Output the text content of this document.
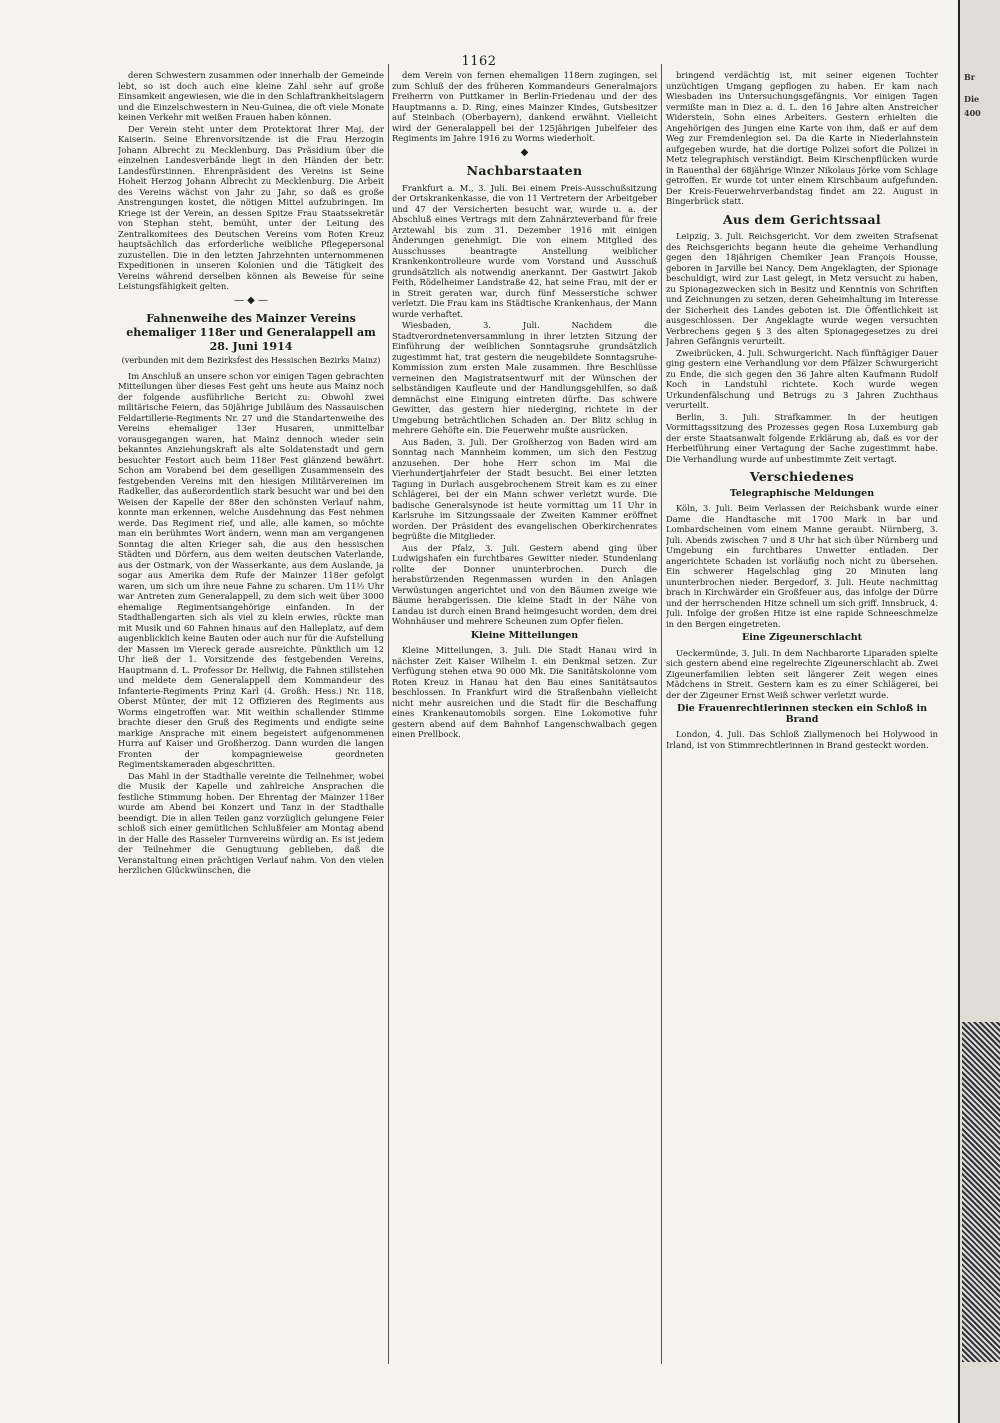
1162

deren Schwestern zusammen oder innerhalb der Gemeinde lebt, so ist doch auch eine kleine Zahl sehr auf große Einsamkeit angewiesen, wie die in den Schlaftrankheitslagern und die Einzelschwestern in Neu-Guinea, die oft viele Monate keinen Verkehr mit weißen Frauen haben können.

Der Verein steht unter dem Protektorat Ihrer Maj. der Kaiserin. Seine Ehrenvorsitzende ist die Frau Herzogin Johann Albrecht zu Mecklenburg. Das Präsidium über die einzelnen Landesverbände liegt in den Händen der betr. Landesfürstinnen. Ehrenpräsident des Vereins ist Seine Hoheit Herzog Johann Albrecht zu Mecklenburg. Die Arbeit des Vereins wächst von Jahr zu Jahr, so daß es große Anstrengungen kostet, die nötigen Mittel aufzubringen. Im Kriege ist der Verein, an dessen Spitze Frau Staatssekretär von Stephan steht, bemüht, unter der Leitung des Zentralkomitees des Deutschen Vereins vom Roten Kreuz hauptsächlich das erforderliche weibliche Pflegepersonal zuzustellen. Die in den letzten Jahrzehnten unternommenen Expeditionen in unseren Kolonien und die Tätigkeit des Vereins während derselben können als Beweise für seine Leistungsfähigkeit gelten.

— ◆ —
Fahnenweihe des Mainzer Vereins ehemaliger 118er und Generalappell am 28. Juni 1914
(verbunden mit dem Bezirksfest des Hessischen Bezirks Mainz)

Im Anschluß an unsere schon vor einigen Tagen gebrachten Mitteilungen über dieses Fest geht uns heute aus Mainz noch der folgende ausführliche Bericht zu: Obwohl zwei militärische Feiern, das 50jährige Jubiläum des Nassauischen Feldartillerie-Regiments Nr. 27 und die Standartenweihe des Vereins ehemaliger 13er Husaren, unmittelbar vorausgegangen waren, hat Mainz dennoch wieder sein bekanntes Anziehungskraft als alte Soldatenstadt und gern besuchter Festort auch beim 118er Fest glänzend bewährt. Schon am Vorabend bei dem geselligen Zusammensein des festgebenden Vereins mit den hiesigen Militärvereinen im Radkeller, das außerordentlich stark besucht war und bei den Weisen der Kapelle der 88er den schönsten Verlauf nahm, konnte man erkennen, welche Ausdehnung das Fest nehmen werde. Das Regiment rief, und alle, alle kamen, so möchte man ein berühmtes Wort ändern, wenn man am vergangenen Sonntag die alten Krieger sah, die aus den hessischen Städten und Dörfern, aus dem weiten deutschen Vaterlande, aus der Ostmark, von der Wasserkante, aus dem Auslande, ja sogar aus Amerika dem Rufe der Mainzer 118er gefolgt waren, um sich um ihre neue Fahne zu scharen. Um 11½ Uhr war Antreten zum Generalappell, zu dem sich weit über 3000 ehemalige Regimentsangehörige einfanden. In der Stadthallengarten sich als viel zu klein erwies, rückte man mit Musik und 60 Fahnen hinaus auf den Halleplatz, auf dem augenblicklich keine Bauten oder auch nur für die Aufstellung der Massen im Viereck gerade ausreichte. Pünktlich um 12 Uhr ließ der 1. Vorsitzende des festgebenden Vereins, Hauptmann d. L. Professor Dr. Hellwig, die Fahnen stillstehen und meldete dem Generalappell dem Kommandeur des Infanterie-Regiments Prinz Karl (4. Großh. Hess.) Nr. 118, Oberst Münter, der mit 12 Offizieren des Regiments aus Worms eingetroffen war. Mit weithin schallender Stimme brachte dieser den Gruß des Regiments und endigte seine markige Ansprache mit einem begeistert aufgenommenen Hurra auf Kaiser und Großherzog. Dann wurden die langen Fronten der kompagnieweise geordneten Regimentskameraden abgeschritten.

Das Mahl in der Stadthalle vereinte die Teilnehmer, wobei die Musik der Kapelle und zahlreiche Ansprachen die festliche Stimmung hoben. Der Ehrentag der Mainzer 118er wurde am Abend bei Konzert und Tanz in der Stadthalle beendigt. Die in allen Teilen ganz vorzüglich gelungene Feier schloß sich einer gemütlichen Schlußfeier am Montag abend in der Halle des Rasseler Turnvereins würdig an. Es ist jedem der Teilnehmer die Genugtuung geblieben, daß die Veranstaltung einen prächtigen Verlauf nahm. Von den vielen herzlichen Glückwünschen, die

dem Verein von fernen ehemaligen 118ern zugingen, sei zum Schluß der des früheren Kommandeurs Generalmajors Freiherrn von Puttkamer in Berlin-Friedenau und der des Hauptmanns a. D. Ring, eines Mainzer Kindes, Gutsbesitzer auf Steinbach (Oberbayern), dankend erwähnt. Vielleicht wird der Generalappell bei der 125jährigen Jubelfeier des Regiments im Jahre 1916 zu Worms wiederholt.

◆
Nachbarstaaten

Frankfurt a. M., 3. Juli. Bei einem Preis-Ausschußsitzung der Ortskrankenkasse, die von 11 Vertretern der Arbeitgeber und 47 der Versicherten besucht war, wurde u. a. der Abschluß eines Vertrags mit dem Zahnärzteverband für freie Arztewahl bis zum 31. Dezember 1916 mit einigen Änderungen genehmigt. Die von einem Mitglied des Ausschusses beantragte Anstellung weiblicher Krankenkontrolleure wurde vom Vorstand und Ausschuß grundsätzlich als notwendig anerkannt. Der Gastwirt Jakob Feith, Rödelheimer Landstraße 42, hat seine Frau, mit der er in Streit geraten war, durch fünf Messerstiche schwer verletzt. Die Frau kam ins Städtische Krankenhaus, der Mann wurde verhaftet.

Wiesbaden, 3. Juli. Nachdem die Stadtverordnetenversammlung in ihrer letzten Sitzung der Einführung der weiblichen Sonntagsruhe grundsätzlich zugestimmt hat, trat gestern die neugebildete Sonntagsruhe-Kommission zum ersten Male zusammen. Ihre Beschlüsse verneinen den Magistratsentwurf mit der Wünschen der selbständigen Kaufleute und der Handlungsgehilfen, so daß demnächst eine Einigung eintreten dürfte. Das schwere Gewitter, das gestern hier niederging, richtete in der Umgebung beträchtlichen Schaden an. Der Blitz schlug in mehrere Gehöfte ein. Die Feuerwehr mußte ausrücken.

Aus Baden, 3. Juli. Der Großherzog von Baden wird am Sonntag nach Mannheim kommen, um sich den Festzug anzusehen. Der hohe Herr schon im Mai die Vierhundertjahrfeier der Stadt besucht. Bei einer letzten Tagung in Durlach ausgebrochenem Streit kam es zu einer Schlägerei, bei der ein Mann schwer verletzt wurde. Die badische Generalsynode ist heute vormittag um 11 Uhr in Karlsruhe im Sitzungssaale der Zweiten Kammer eröffnet worden. Der Präsident des evangelischen Oberkirchenrates begrüßte die Mitglieder.

Aus der Pfalz, 3. Juli. Gestern abend ging über Ludwigshafen ein furchtbares Gewitter nieder. Stundenlang rollte der Donner ununterbrochen. Durch die herabstürzenden Regenmassen wurden in den Anlagen Verwüstungen angerichtet und von den Bäumen zweige wie Bäume herabgerissen. Die kleine Stadt in der Nähe von Landau ist durch einen Brand heimgesucht worden, dem drei Wohnhäuser und mehrere Scheunen zum Opfer fielen.

Kleine Mitteilungen

Kleine Mitteilungen, 3. Juli. Die Stadt Hanau wird in nächster Zeit Kaiser Wilhelm I. ein Denkmal setzen. Zur Verfügung stehen etwa 90 000 Mk. Die Sanitätskolonne vom Roten Kreuz in Hanau hat den Bau eines Sanitätsautos beschlossen. In Frankfurt wird die Straßenbahn vielleicht nicht mehr ausreichen und die Stadt für die Beschaffung eines Krankenautomobils sorgen. Eine Lokomotive fuhr gestern abend auf dem Bahnhof Langenschwalbach gegen einen Prellbock.

bringend verdächtig ist, mit seiner eigenen Tochter unzüchtigen Umgang gepflogen zu haben. Er kam nach Wiesbaden ins Untersuchungsgefängnis. Vor einigen Tagen vermißte man in Diez a. d. L. den 16 Jahre alten Anstreicher Widerstein, Sohn eines Arbeiters. Gestern erhielten die Angehörigen des Jungen eine Karte von ihm, daß er auf dem Weg zur Fremdenlegion sei. Da die Karte in Niederlahnstein aufgegeben wurde, hat die dortige Polizei sofort die Polizei in Metz telegraphisch verständigt. Beim Kirschenpflücken wurde in Rauenthal der 68jährige Winzer Nikolaus Jörke vom Schlage getroffen. Er wurde tot unter einem Kirschbaum aufgefunden. Der Kreis-Feuerwehrverbandstag findet am 22. August in Bingerbrück statt.

Aus dem Gerichtssaal

Leipzig, 3. Juli. Reichsgericht. Vor dem zweiten Strafsenat des Reichsgerichts begann heute die geheime Verhandlung gegen den 18jährigen Chemiker Jean François Housse, geboren in Jarville bei Nancy. Dem Angeklagten, der Spionage beschuldigt, wird zur Last gelegt, in Metz versucht zu haben, zu Spionagezwecken sich in Besitz und Kenntnis von Schriften und Zeichnungen zu setzen, deren Geheimhaltung im Interesse der Sicherheit des Landes geboten ist. Die Öffentlichkeit ist ausgeschlossen. Der Angeklagte wurde wegen versuchten Verbrechens gegen § 3 des alten Spionagegesetzes zu drei Jahren Gefängnis verurteilt.

Zweibrücken, 4. Juli. Schwurgericht. Nach fünftägiger Dauer ging gestern eine Verhandlung vor dem Pfälzer Schwurgericht zu Ende, die sich gegen den 36 Jahre alten Kaufmann Rudolf Koch in Landstuhl richtete. Koch wurde wegen Urkundenfälschung und Betrugs zu 3 Jahren Zuchthaus verurteilt.

Berlin, 3. Juli. Strafkammer. In der heutigen Vormittagssitzung des Prozesses gegen Rosa Luxemburg gab der erste Staatsanwalt folgende Erklärung ab, daß es vor der Herbeiführung einer Vertagung der Sache zugestimmt habe. Die Verhandlung wurde auf unbestimmte Zeit vertagt.

Verschiedenes
Telegraphische Meldungen

Köln, 3. Juli. Beim Verlassen der Reichsbank wurde einer Dame die Handtasche mit 1700 Mark in bar und Lombardscheinen vom einem Manne geraubt. Nürnberg, 3. Juli. Abends zwischen 7 und 8 Uhr hat sich über Nürnberg und Umgebung ein furchtbares Unwetter entladen. Der angerichtete Schaden ist vorläufig noch nicht zu übersehen. Ein schwerer Hagelschlag ging 20 Minuten lang ununterbrochen nieder. Bergedorf, 3. Juli. Heute nachmittag brach in Kirchwärder ein Großfeuer aus, das infolge der Dürre und der herrschenden Hitze schnell um sich griff. Innsbruck, 4. Juli. Infolge der großen Hitze ist eine rapide Schneeschmelze in den Bergen eingetreten.

Eine Zigeunerschlacht

Ueckermünde, 3. Juli. In dem Nachbarorte Liparaden spielte sich gestern abend eine regelrechte Zigeunerschlacht ab. Zwei Zigeunerfamilien lebten seit längerer Zeit wegen eines Mädchens in Streit. Gestern kam es zu einer Schlägerei, bei der der Zigeuner Ernst Weiß schwer verletzt wurde.

Die Frauenrechtlerinnen stecken ein Schloß in Brand

London, 4. Juli. Das Schloß Ziallymenoch bei Holywood in Irland, ist von Stimmrechtlerinnen in Brand gesteckt worden.

Br
Die
400
